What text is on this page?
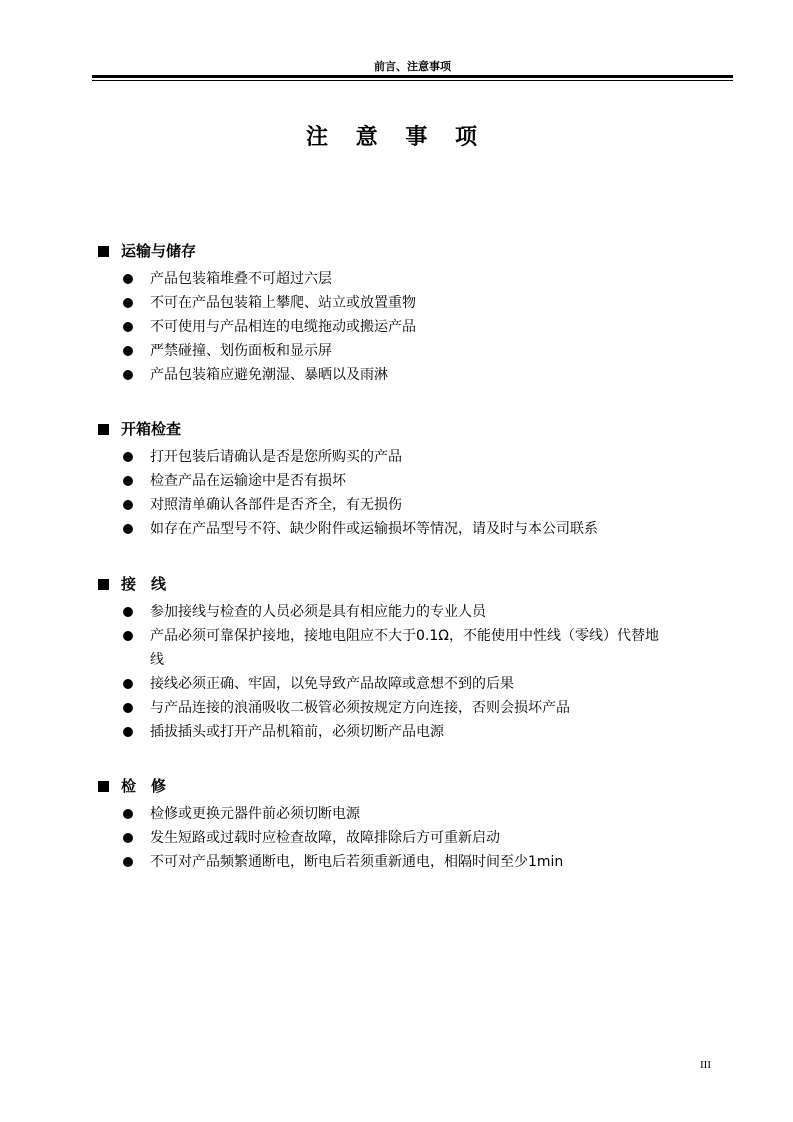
前言、注意事项
注 意 事 项
运输与储存
产品包装箱堆叠不可超过六层
不可在产品包装箱上攀爬、站立或放置重物
不可使用与产品相连的电缆拖动或搬运产品
严禁碰撞、划伤面板和显示屏
产品包装箱应避免潮湿、暴晒以及雨淋
开箱检查
打开包装后请确认是否是您所购买的产品
检查产品在运输途中是否有损坏
对照清单确认各部件是否齐全，有无损伤
如存在产品型号不符、缺少附件或运输损坏等情况，请及时与本公司联系
接　线
参加接线与检查的人员必须是具有相应能力的专业人员
产品必须可靠保护接地，接地电阻应不大于0.1Ω，不能使用中性线（零线）代替地线
接线必须正确、牢固，以免导致产品故障或意想不到的后果
与产品连接的浪涌吸收二极管必须按规定方向连接，否则会损坏产品
插拔插头或打开产品机箱前，必须切断产品电源
检　修
检修或更换元器件前必须切断电源
发生短路或过载时应检查故障，故障排除后方可重新启动
不可对产品频繁通断电，断电后若须重新通电，相隔时间至少1min
III
